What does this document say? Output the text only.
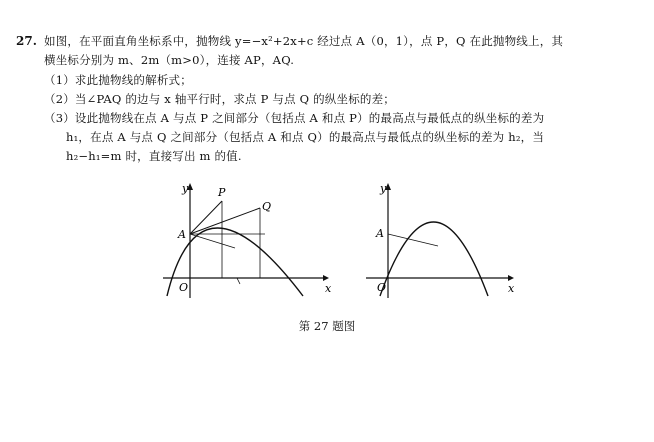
27. 如图，在平面直角坐标系中，抛物线 y=−x²+2x+c 经过点 A（0，1），点 P，Q 在此抛物线上，其
横坐标分别为 m、2m（m>0），连接 AP，AQ.
（1）求此抛物线的解析式；
（2）当∠PAQ 的边与 x 轴平行时，求点 P 与点 Q 的纵坐标的差；
（3）设此抛物线在点 A 与点 P 之间部分（包括点 A 和点 P）的最高点与最低点的纵坐标的差为
h₁，在点 A 与点 Q 之间部分（包括点 A 和点 Q）的最高点与最低点的纵坐标的差为 h₂，当
h₂−h₁=m 时，直接写出 m 的值.
y
x
O
A
P
Q
y
x
O
A
第 27 题图
